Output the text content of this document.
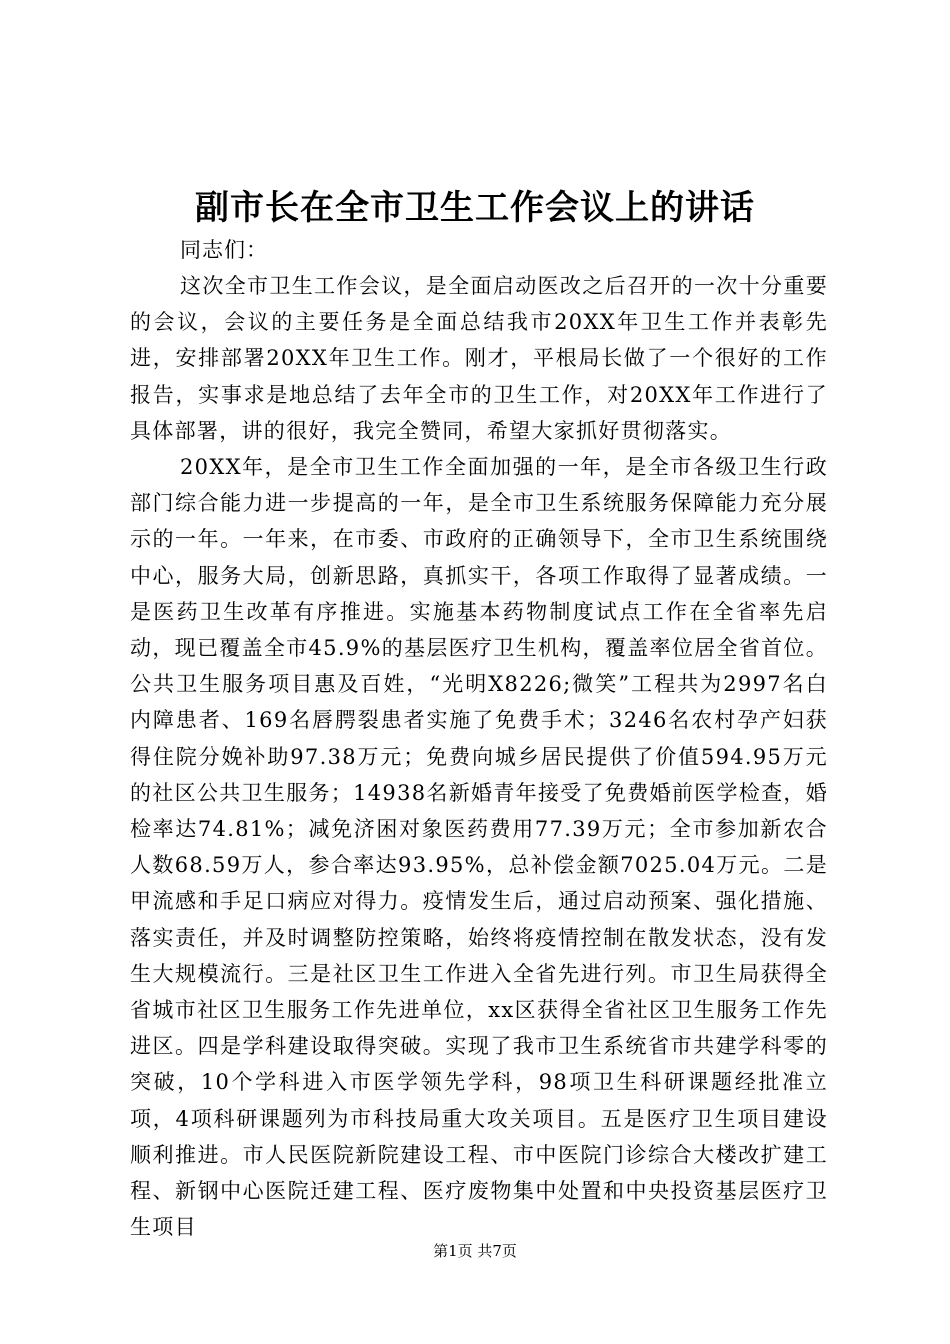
副市长在全市卫生工作会议上的讲话

同志们：

这次全市卫生工作会议，是全面启动医改之后召开的一次十分重要的会议，会议的主要任务是全面总结我市20XX年卫生工作并表彰先进，安排部署20XX年卫生工作。刚才，平根局长做了一个很好的工作报告，实事求是地总结了去年全市的卫生工作，对20XX年工作进行了具体部署，讲的很好，我完全赞同，希望大家抓好贯彻落实。

20XX年，是全市卫生工作全面加强的一年，是全市各级卫生行政部门综合能力进一步提高的一年，是全市卫生系统服务保障能力充分展示的一年。一年来，在市委、市政府的正确领导下，全市卫生系统围绕中心，服务大局，创新思路，真抓实干，各项工作取得了显著成绩。一是医药卫生改革有序推进。实施基本药物制度试点工作在全省率先启动，现已覆盖全市45.9%的基层医疗卫生机构，覆盖率位居全省首位。公共卫生服务项目惠及百姓，“光明X8226;微笑”工程共为2997名白内障患者、169名唇腭裂患者实施了免费手术；3246名农村孕产妇获得住院分娩补助97.38万元；免费向城乡居民提供了价值594.95万元的社区公共卫生服务；14938名新婚青年接受了免费婚前医学检查，婚检率达74.81%；减免济困对象医药费用77.39万元；全市参加新农合人数68.59万人，参合率达93.95%，总补偿金额7025.04万元。二是甲流感和手足口病应对得力。疫情发生后，通过启动预案、强化措施、落实责任，并及时调整防控策略，始终将疫情控制在散发状态，没有发生大规模流行。三是社区卫生工作进入全省先进行列。市卫生局获得全省城市社区卫生服务工作先进单位，xx区获得全省社区卫生服务工作先进区。四是学科建设取得突破。实现了我市卫生系统省市共建学科零的突破，10个学科进入市医学领先学科，98项卫生科研课题经批准立项，4项科研课题列为市科技局重大攻关项目。五是医疗卫生项目建设顺利推进。市人民医院新院建设工程、市中医院门诊综合大楼改扩建工程、新钢中心医院迁建工程、医疗废物集中处置和中央投资基层医疗卫生项目

第1页 共7页
